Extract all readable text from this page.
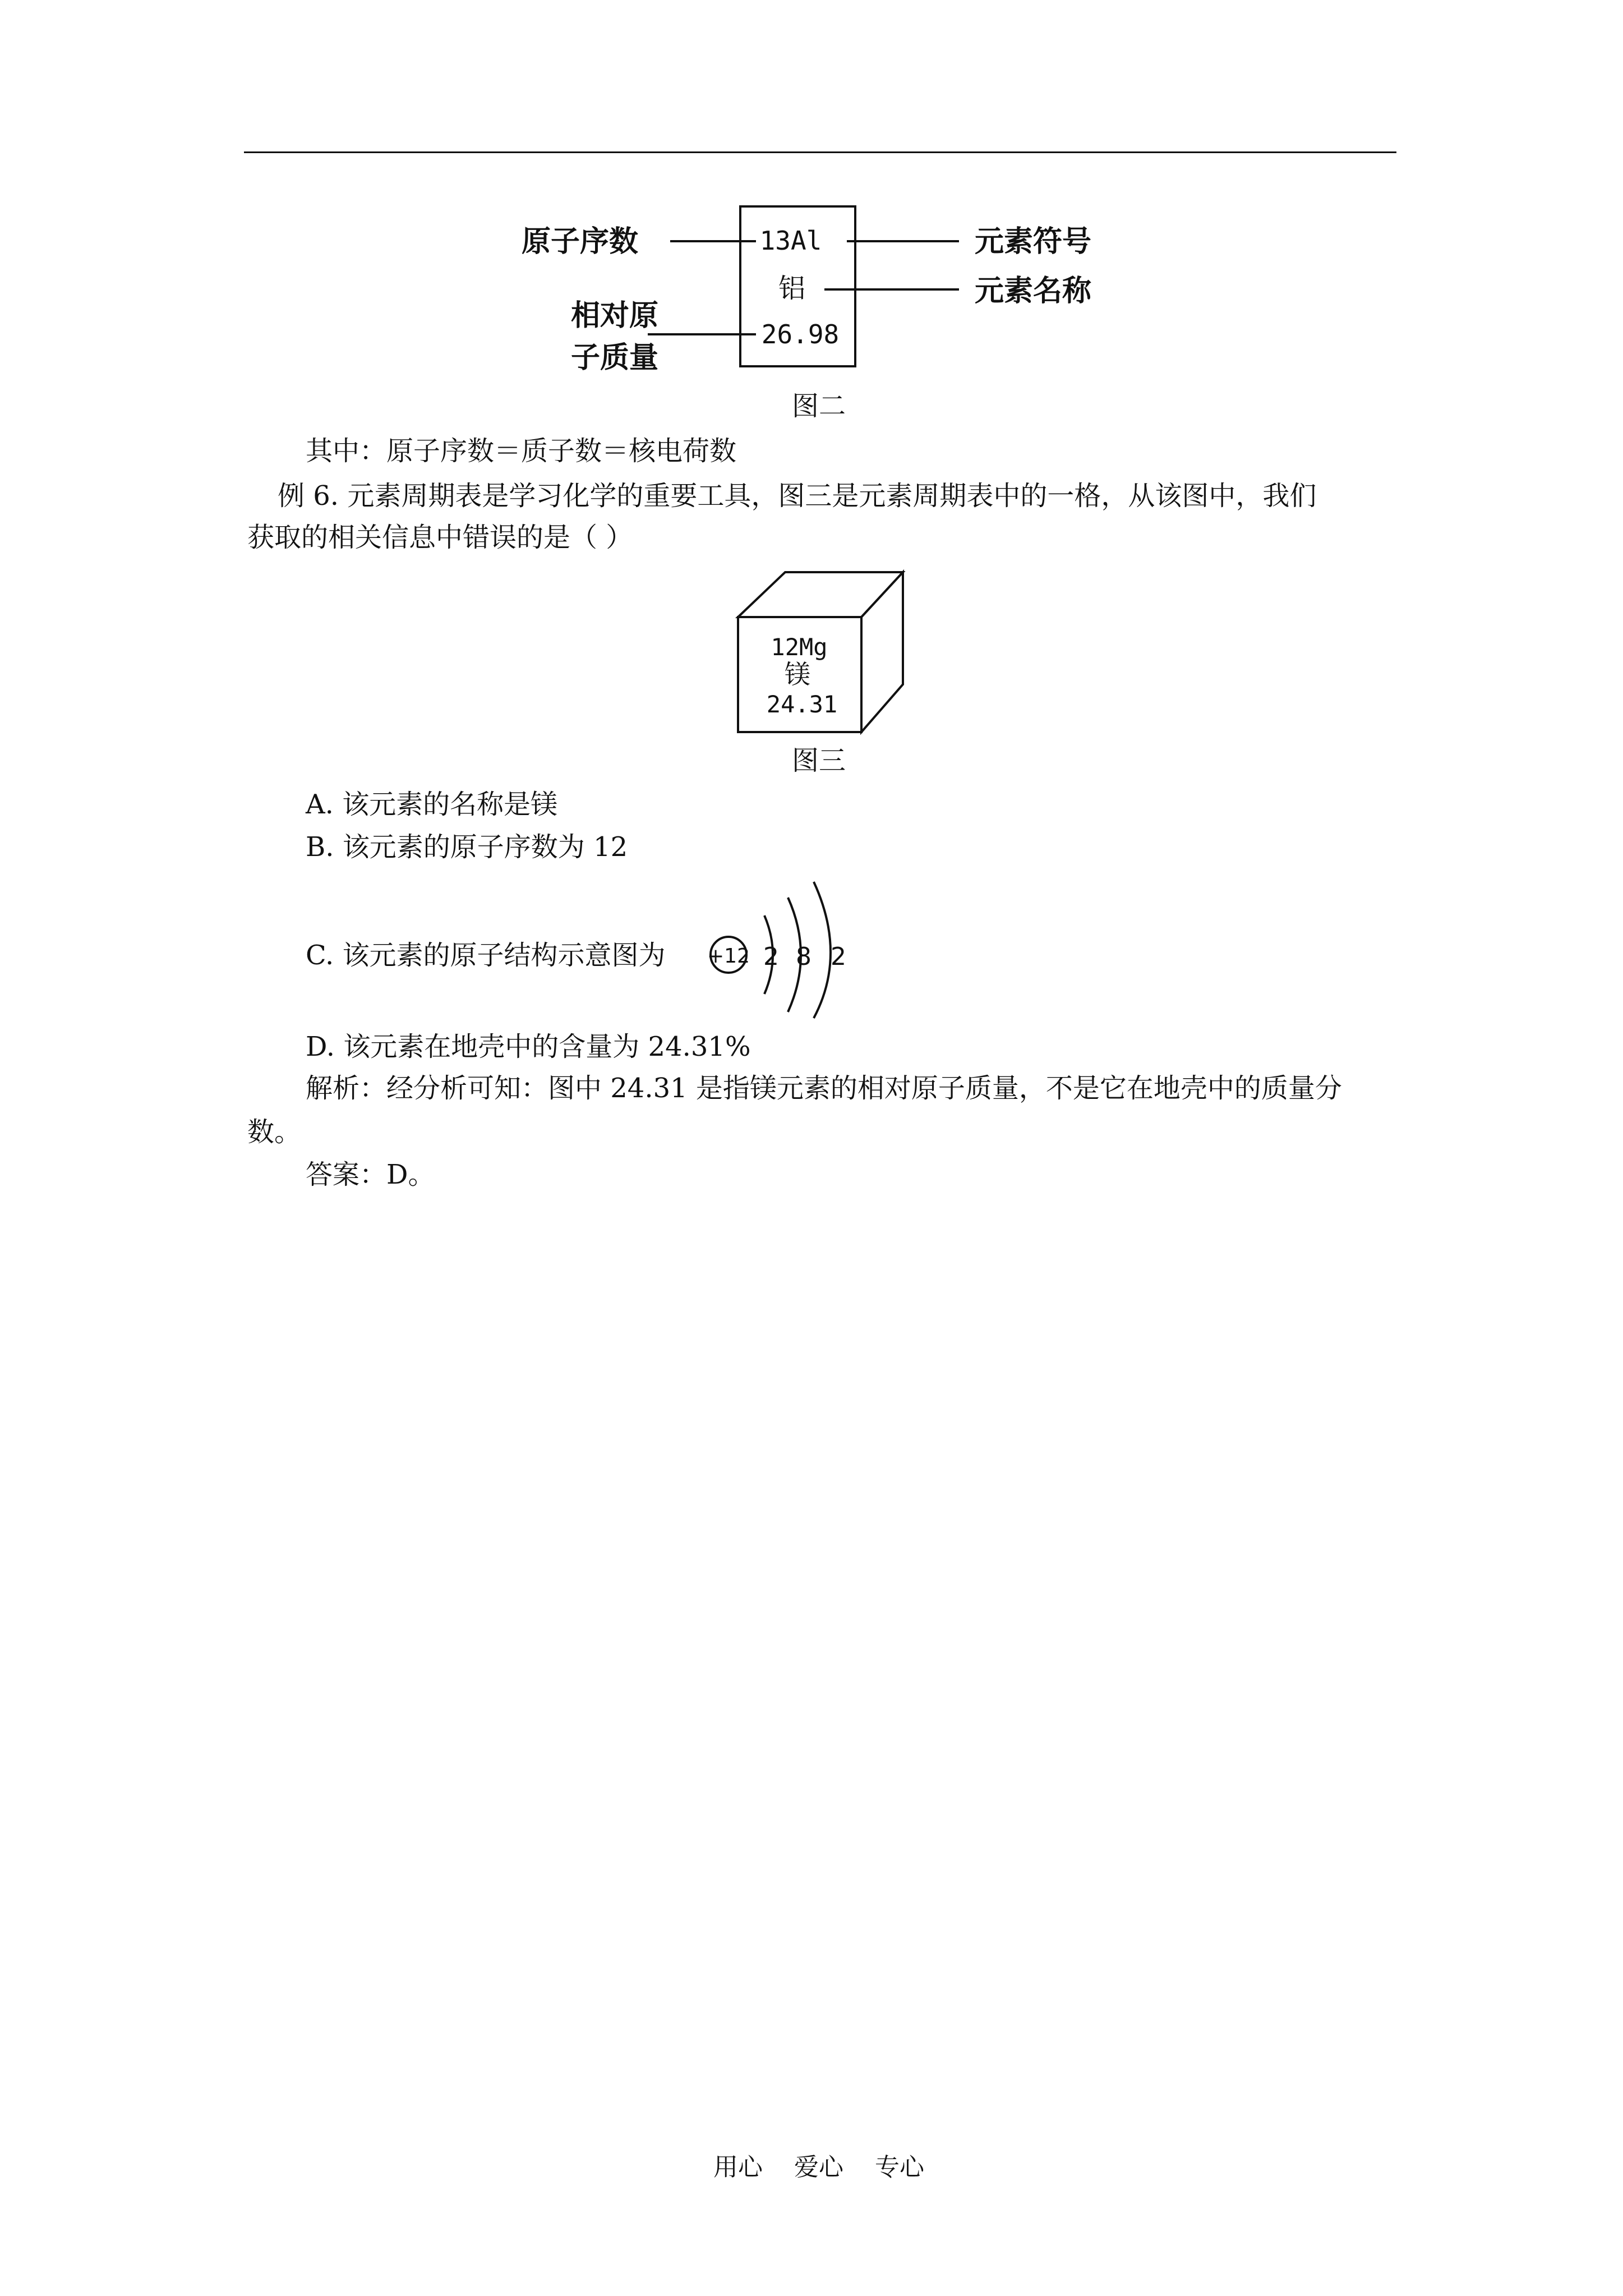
13Al
铝
26.98
原子序数
相对原
子质量
元素符号
元素名称
图二
其中：原子序数＝质子数＝核电荷数
例 6. 元素周期表是学习化学的重要工具，图三是元素周期表中的一格，从该图中，我们
获取的相关信息中错误的是（ ）
12Mg
镁
24.31
图三
A. 该元素的名称是镁
B. 该元素的原子序数为 12
C. 该元素的原子结构示意图为 +12 2 8 2
D. 该元素在地壳中的含量为 24.31%
解析：经分析可知：图中 24.31 是指镁元素的相对原子质量，不是它在地壳中的质量分
数。
答案：D。
用心 爱心 专心
